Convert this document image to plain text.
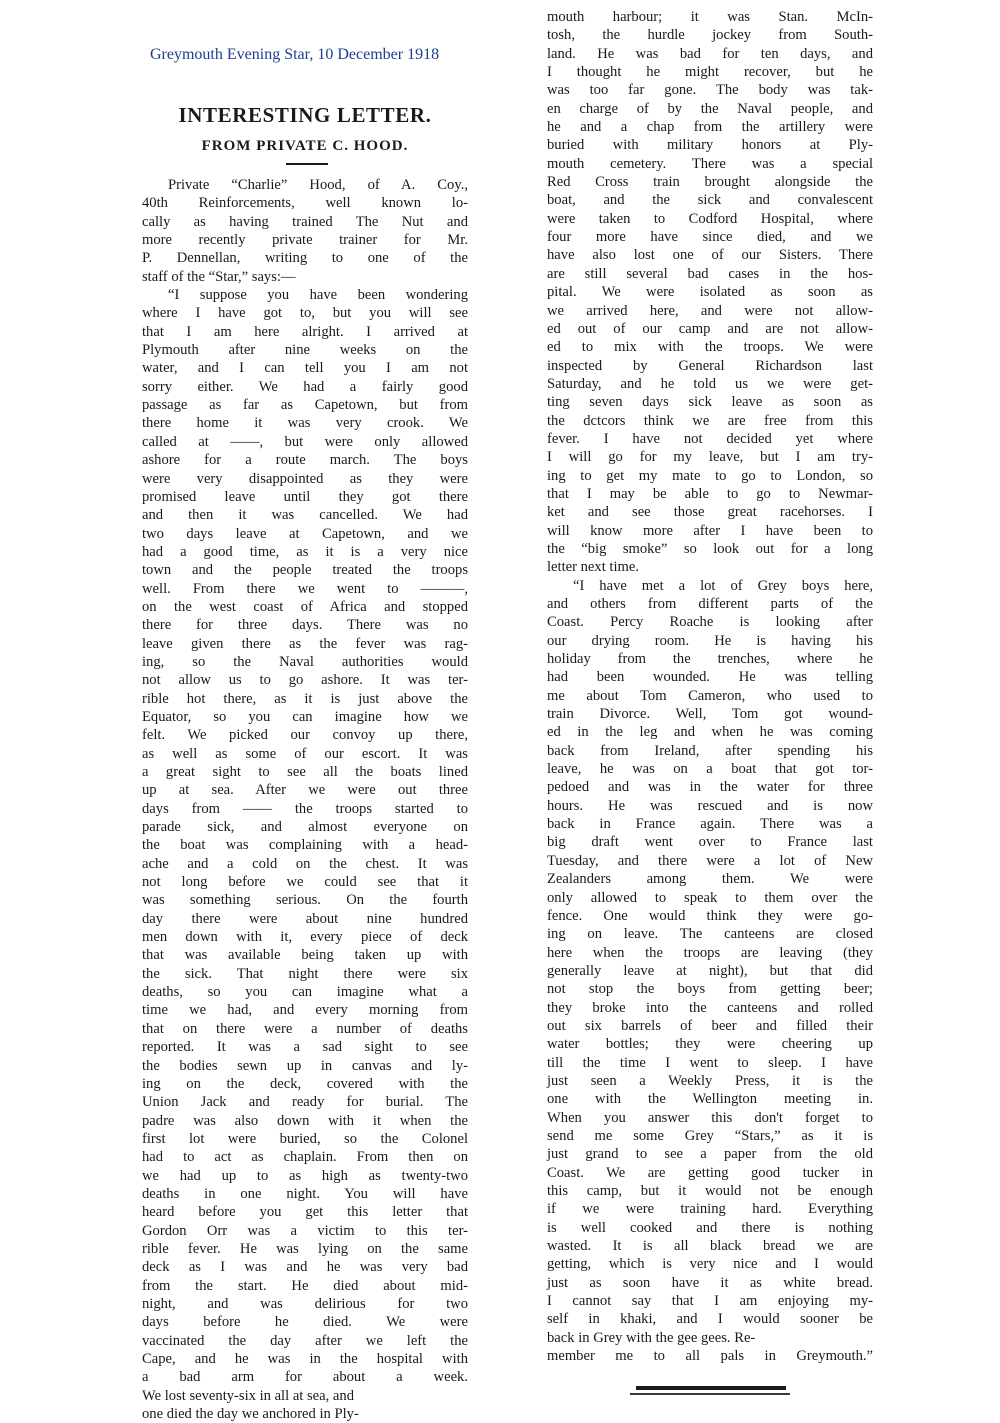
Greymouth Evening Star, 10 December 1918
INTERESTING LETTER.
FROM PRIVATE C. HOOD.
Private “Charlie” Hood, of A. Coy.,
40th Reinforcements, well known lo-
cally as having trained The Nut and
more recently private trainer for Mr.
P. Dennellan, writing to one of the
staff of the “Star,” says:—
“I suppose you have been wondering
where I have got to, but you will see
that I am here alright. I arrived at
Plymouth after nine weeks on the
water, and I can tell you I am not
sorry either. We had a fairly good
passage as far as Capetown, but from
there home it was very crook. We
called at ——, but were only allowed
ashore for a route march. The boys
were very disappointed as they were
promised leave until they got there
and then it was cancelled. We had
two days leave at Capetown, and we
had a good time, as it is a very nice
town and the people treated the troops
well. From there we went to ———,
on the west coast of Africa and stopped
there for three days. There was no
leave given there as the fever was rag-
ing, so the Naval authorities would
not allow us to go ashore. It was ter-
rible hot there, as it is just above the
Equator, so you can imagine how we
felt. We picked our convoy up there,
as well as some of our escort. It was
a great sight to see all the boats lined
up at sea. After we were out three
days from —— the troops started to
parade sick, and almost everyone on
the boat was complaining with a head-
ache and a cold on the chest. It was
not long before we could see that it
was something serious. On the fourth
day there were about nine hundred
men down with it, every piece of deck
that was available being taken up with
the sick. That night there were six
deaths, so you can imagine what a
time we had, and every morning from
that on there were a number of deaths
reported. It was a sad sight to see
the bodies sewn up in canvas and ly-
ing on the deck, covered with the
Union Jack and ready for burial. The
padre was also down with it when the
first lot were buried, so the Colonel
had to act as chaplain. From then on
we had up to as high as twenty-two
deaths in one night. You will have
heard before you get this letter that
Gordon Orr was a victim to this ter-
rible fever. He was lying on the same
deck as I was and he was very bad
from the start. He died about mid-
night, and was delirious for two
days before he died. We were
vaccinated the day after we left the
Cape, and he was in the hospital with
a bad arm for about a week.
We lost seventy-six in all at sea, and
one died the day we anchored in Ply-
mouth harbour; it was Stan. McIn-
tosh, the hurdle jockey from South-
land. He was bad for ten days, and
I thought he might recover, but he
was too far gone. The body was tak-
en charge of by the Naval people, and
he and a chap from the artillery were
buried with military honors at Ply-
mouth cemetery. There was a special
Red Cross train brought alongside the
boat, and the sick and convalescent
were taken to Codford Hospital, where
four more have since died, and we
have also lost one of our Sisters. There
are still several bad cases in the hos-
pital. We were isolated as soon as
we arrived here, and were not allow-
ed out of our camp and are not allow-
ed to mix with the troops. We were
inspected by General Richardson last
Saturday, and he told us we were get-
ting seven days sick leave as soon as
the dctcors think we are free from this
fever. I have not decided yet where
I will go for my leave, but I am try-
ing to get my mate to go to London, so
that I may be able to go to Newmar-
ket and see those great racehorses. I
will know more after I have been to
the “big smoke” so look out for a long
letter next time.
“I have met a lot of Grey boys here,
and others from different parts of the
Coast. Percy Roache is looking after
our drying room. He is having his
holiday from the trenches, where he
had been wounded. He was telling
me about Tom Cameron, who used to
train Divorce. Well, Tom got wound-
ed in the leg and when he was coming
back from Ireland, after spending his
leave, he was on a boat that got tor-
pedoed and was in the water for three
hours. He was rescued and is now
back in France again. There was a
big draft went over to France last
Tuesday, and there were a lot of New
Zealanders among them. We were
only allowed to speak to them over the
fence. One would think they were go-
ing on leave. The canteens are closed
here when the troops are leaving (they
generally leave at night), but that did
not stop the boys from getting beer;
they broke into the canteens and rolled
out six barrels of beer and filled their
water bottles; they were cheering up
till the time I went to sleep. I have
just seen a Weekly Press, it is the
one with the Wellington meeting in.
When you answer this don't forget to
send me some Grey “Stars,” as it is
just grand to see a paper from the old
Coast. We are getting good tucker in
this camp, but it would not be enough
if we were training hard. Everything
is well cooked and there is nothing
wasted. It is all black bread we are
getting, which is very nice and I would
just as soon have it as white bread.
I cannot say that I am enjoying my-
self in khaki, and I would sooner be
back in Grey with the gee gees. Re-
member me to all pals in Greymouth.”
